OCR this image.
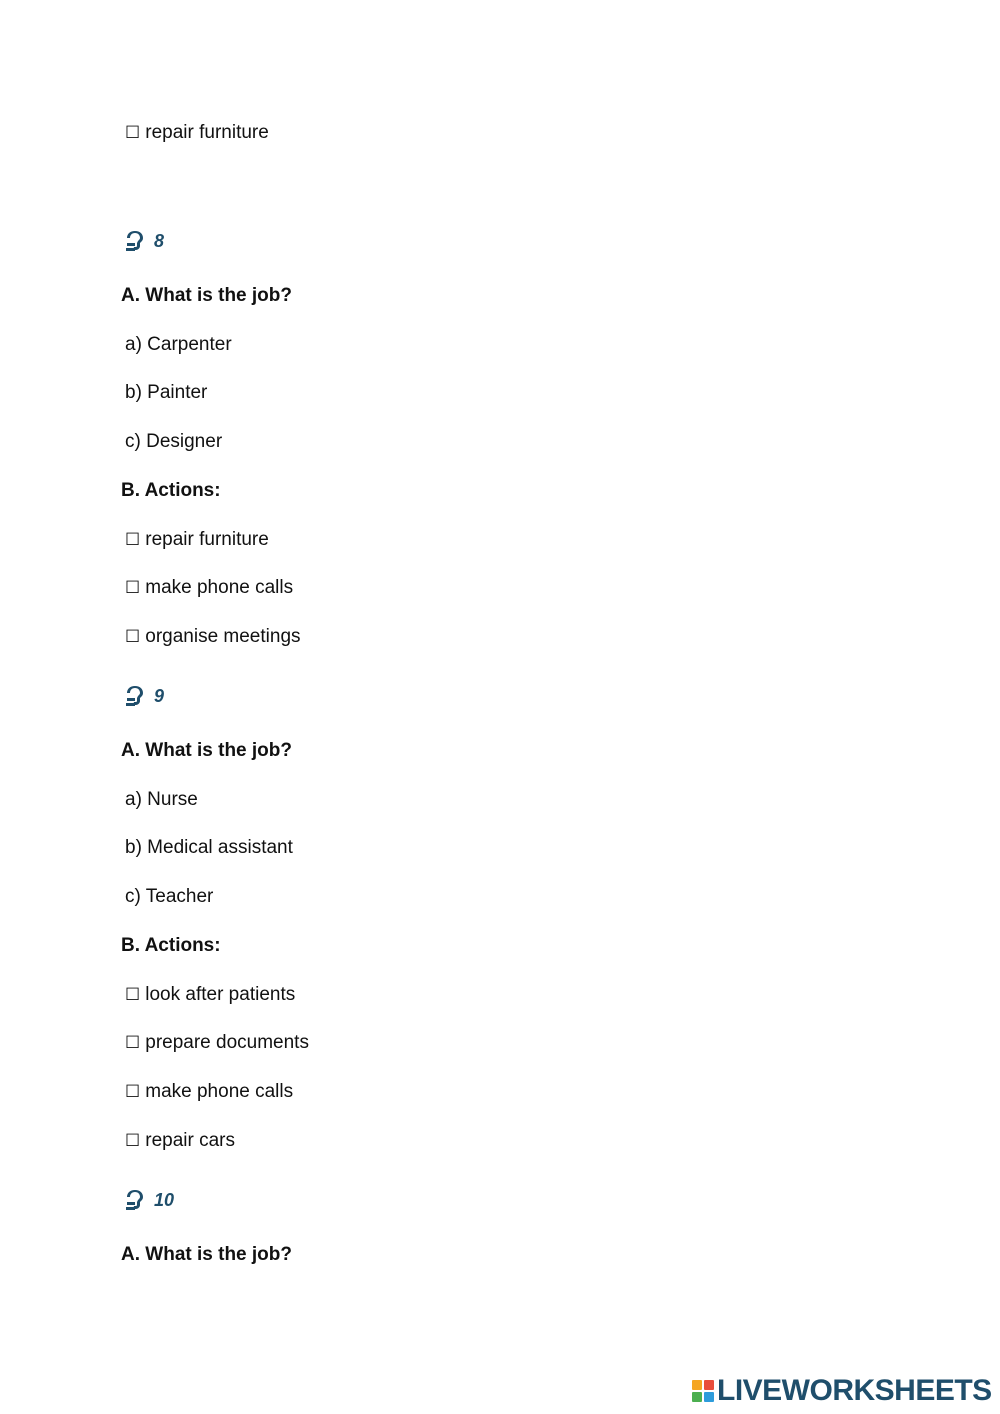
☐ repair furniture
8
A. What is the job?
a) Carpenter
b) Painter
c) Designer
B. Actions:
☐ repair furniture
☐ make phone calls
☐ organise meetings
9
A. What is the job?
a) Nurse
b) Medical assistant
c) Teacher
B. Actions:
☐ look after patients
☐ prepare documents
☐ make phone calls
☐ repair cars
10
A. What is the job?
LIVEWORKSHEETS
